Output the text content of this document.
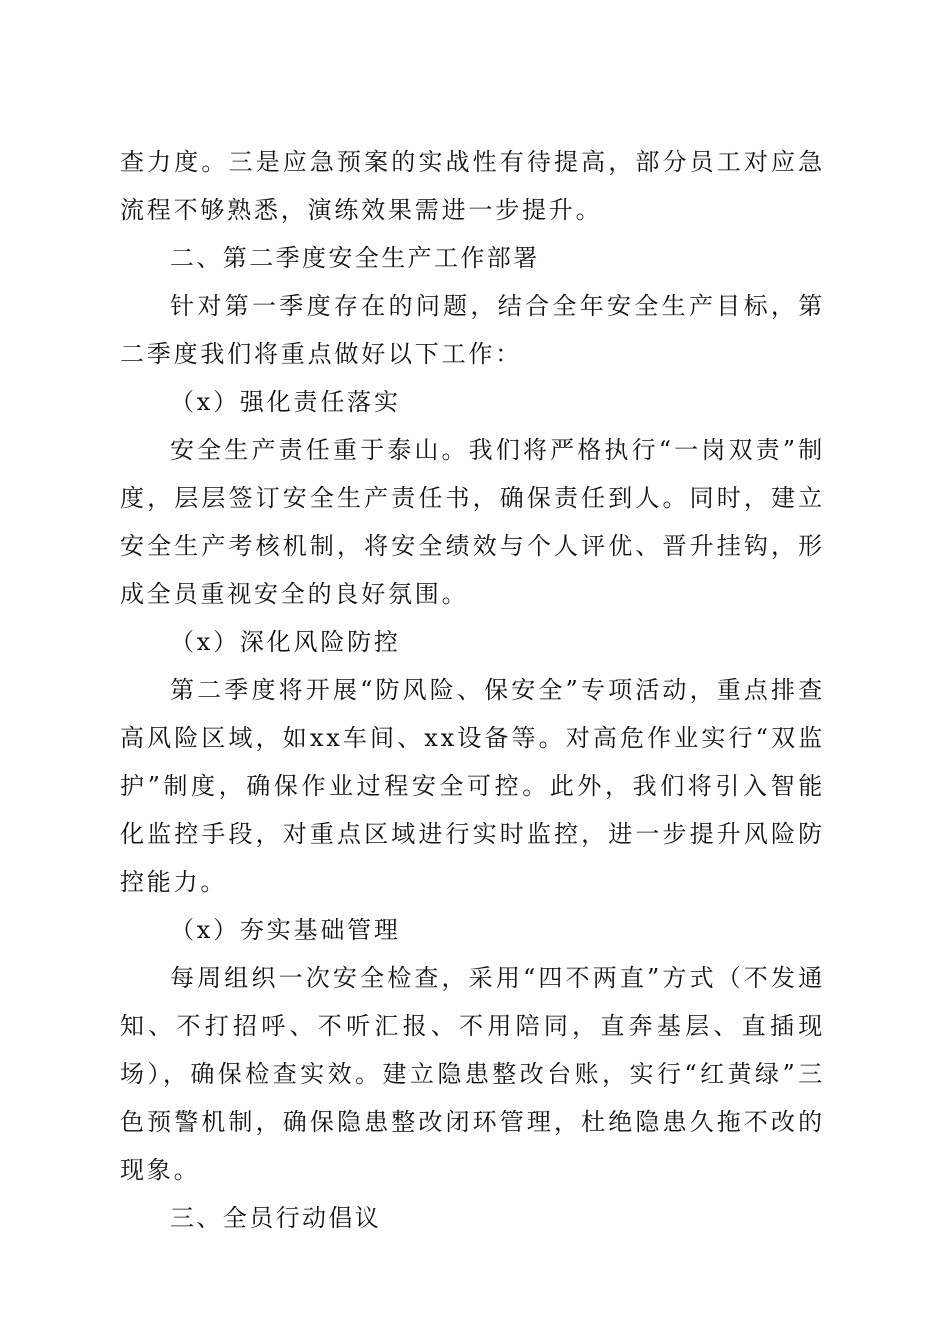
查力度。三是应急预案的实战性有待提高，部分员工对应急流程不够熟悉，演练效果需进一步提升。

二、第二季度安全生产工作部署

针对第一季度存在的问题，结合全年安全生产目标，第二季度我们将重点做好以下工作：

（x）强化责任落实

安全生产责任重于泰山。我们将严格执行“一岗双责”制度，层层签订安全生产责任书，确保责任到人。同时，建立安全生产考核机制，将安全绩效与个人评优、晋升挂钩，形成全员重视安全的良好氛围。

（x）深化风险防控

第二季度将开展“防风险、保安全”专项活动，重点排查高风险区域，如xx车间、xx设备等。对高危作业实行“双监护”制度，确保作业过程安全可控。此外，我们将引入智能化监控手段，对重点区域进行实时监控，进一步提升风险防控能力。

（x）夯实基础管理

每周组织一次安全检查，采用“四不两直”方式（不发通知、不打招呼、不听汇报、不用陪同，直奔基层、直插现场），确保检查实效。建立隐患整改台账，实行“红黄绿”三色预警机制，确保隐患整改闭环管理，杜绝隐患久拖不改的现象。

三、全员行动倡议
